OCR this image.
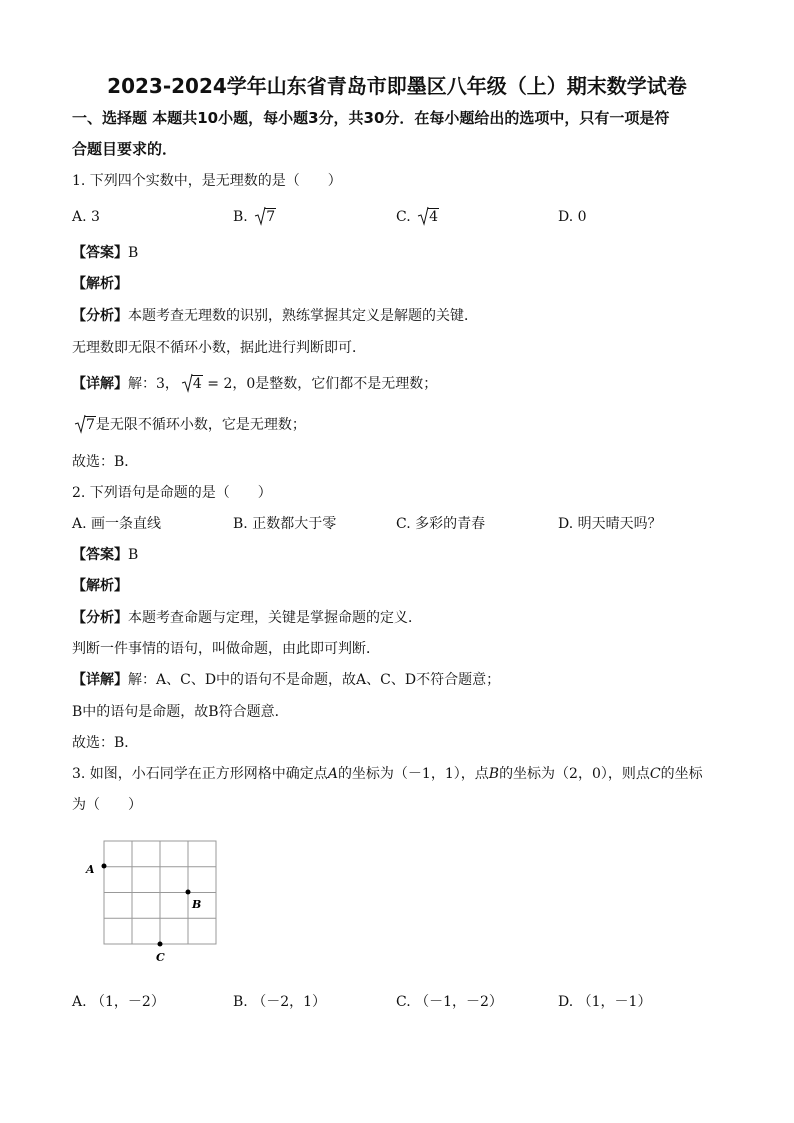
2023-2024学年山东省青岛市即墨区八年级（上）期末数学试卷
一、选择题 本题共10小题，每小题3分，共30分．在每小题给出的选项中，只有一项是符
合题目要求的．
1. 下列四个实数中，是无理数的是（　　）
A. 3	B. 7	C. 4	D. 0
【答案】B
【解析】
【分析】本题考查无理数的识别，熟练掌握其定义是解题的关键．
无理数即无限不循环小数，据此进行判断即可．
【详解】解：3， 4 = 2，0是整数，它们都不是无理数；
7是无限不循环小数，它是无理数；
故选：B．
2. 下列语句是命题的是（　　）
A. 画一条直线	B. 正数都大于零	C. 多彩的青春	D. 明天晴天吗？
【答案】B
【解析】
【分析】本题考查命题与定理，关键是掌握命题的定义．
判断一件事情的语句，叫做命题，由此即可判断．
【详解】解：A、C、D中的语句不是命题，故A、C、D不符合题意；
B中的语句是命题，故B符合题意．
故选：B．
3. 如图，小石同学在正方形网格中确定点A的坐标为（－1，1），点B的坐标为（2，0），则点C的坐标
为（　　）
A
B
C
A. （1，－2）	B. （－2，1）	C. （－1，－2）	D. （1，－1）
